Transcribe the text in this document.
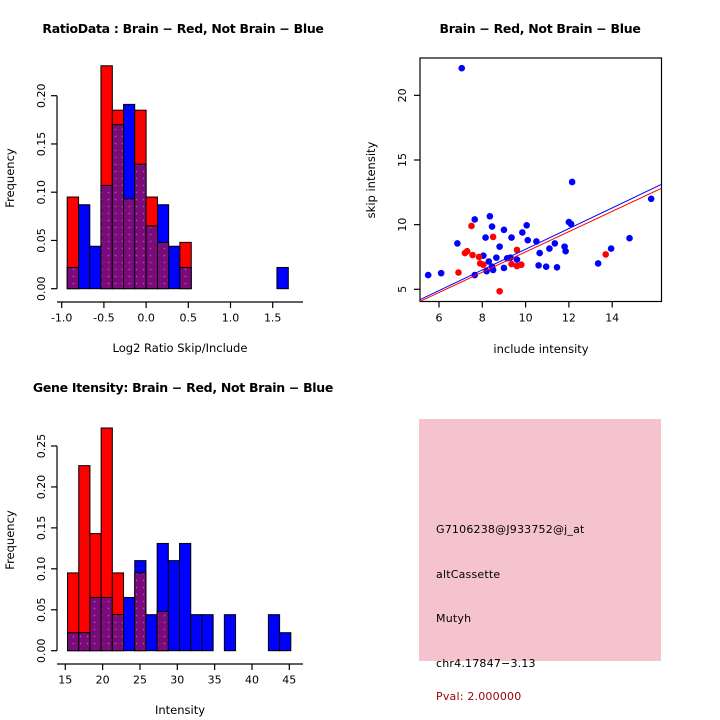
RatioData : Brain − Red, Not Brain − Blue
-1.0 -0.5 0.0 0.5 1.0 1.5
0.00
0.05
0.10
0.15
0.20
Log2 Ratio Skip/Include
Frequency
Brain − Red, Not Brain − Blue
6	8	10	12	14
5
10
15
20
include intensity
skip intensity
Gene Itensity: Brain − Red, Not Brain − Blue
15 20 25 30 35 40 45
0.00
0.05
0.10
0.15
0.20
0.25
Intensity
Frequency	G7106238@J933752@j_at
altCassette
Mutyh
chr4.17847−3.13
Pval: 2.000000
